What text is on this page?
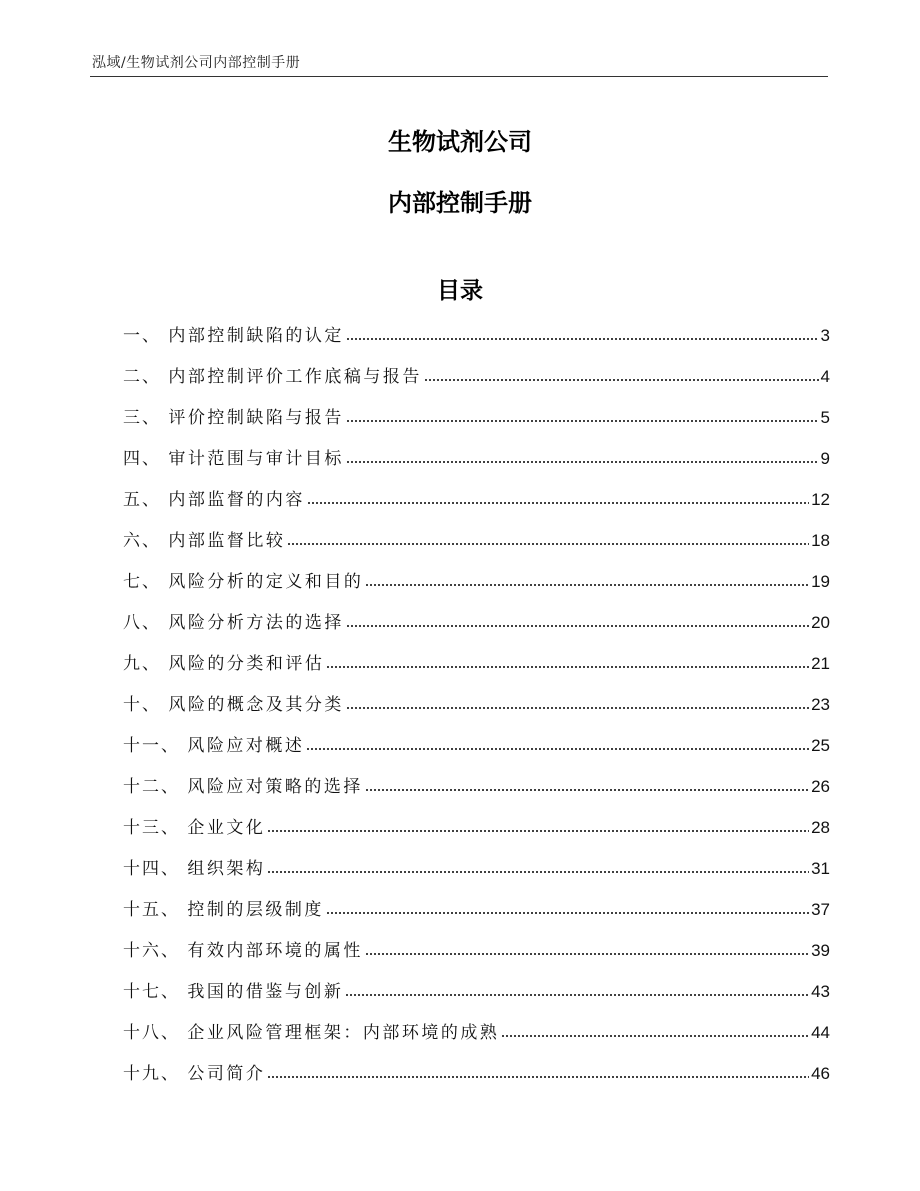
泓域/生物试剂公司内部控制手册
生物试剂公司
内部控制手册
目录
一、 内部控制缺陷的认定	3
二、 内部控制评价工作底稿与报告	4
三、 评价控制缺陷与报告	5
四、 审计范围与审计目标	9
五、 内部监督的内容	12
六、 内部监督比较	18
七、 风险分析的定义和目的	19
八、 风险分析方法的选择	20
九、 风险的分类和评估	21
十、 风险的概念及其分类	23
十一、 风险应对概述	25
十二、 风险应对策略的选择	26
十三、 企业文化	28
十四、 组织架构	31
十五、 控制的层级制度	37
十六、 有效内部环境的属性	39
十七、 我国的借鉴与创新	43
十八、 企业风险管理框架：内部环境的成熟	44
十九、 公司简介	46
